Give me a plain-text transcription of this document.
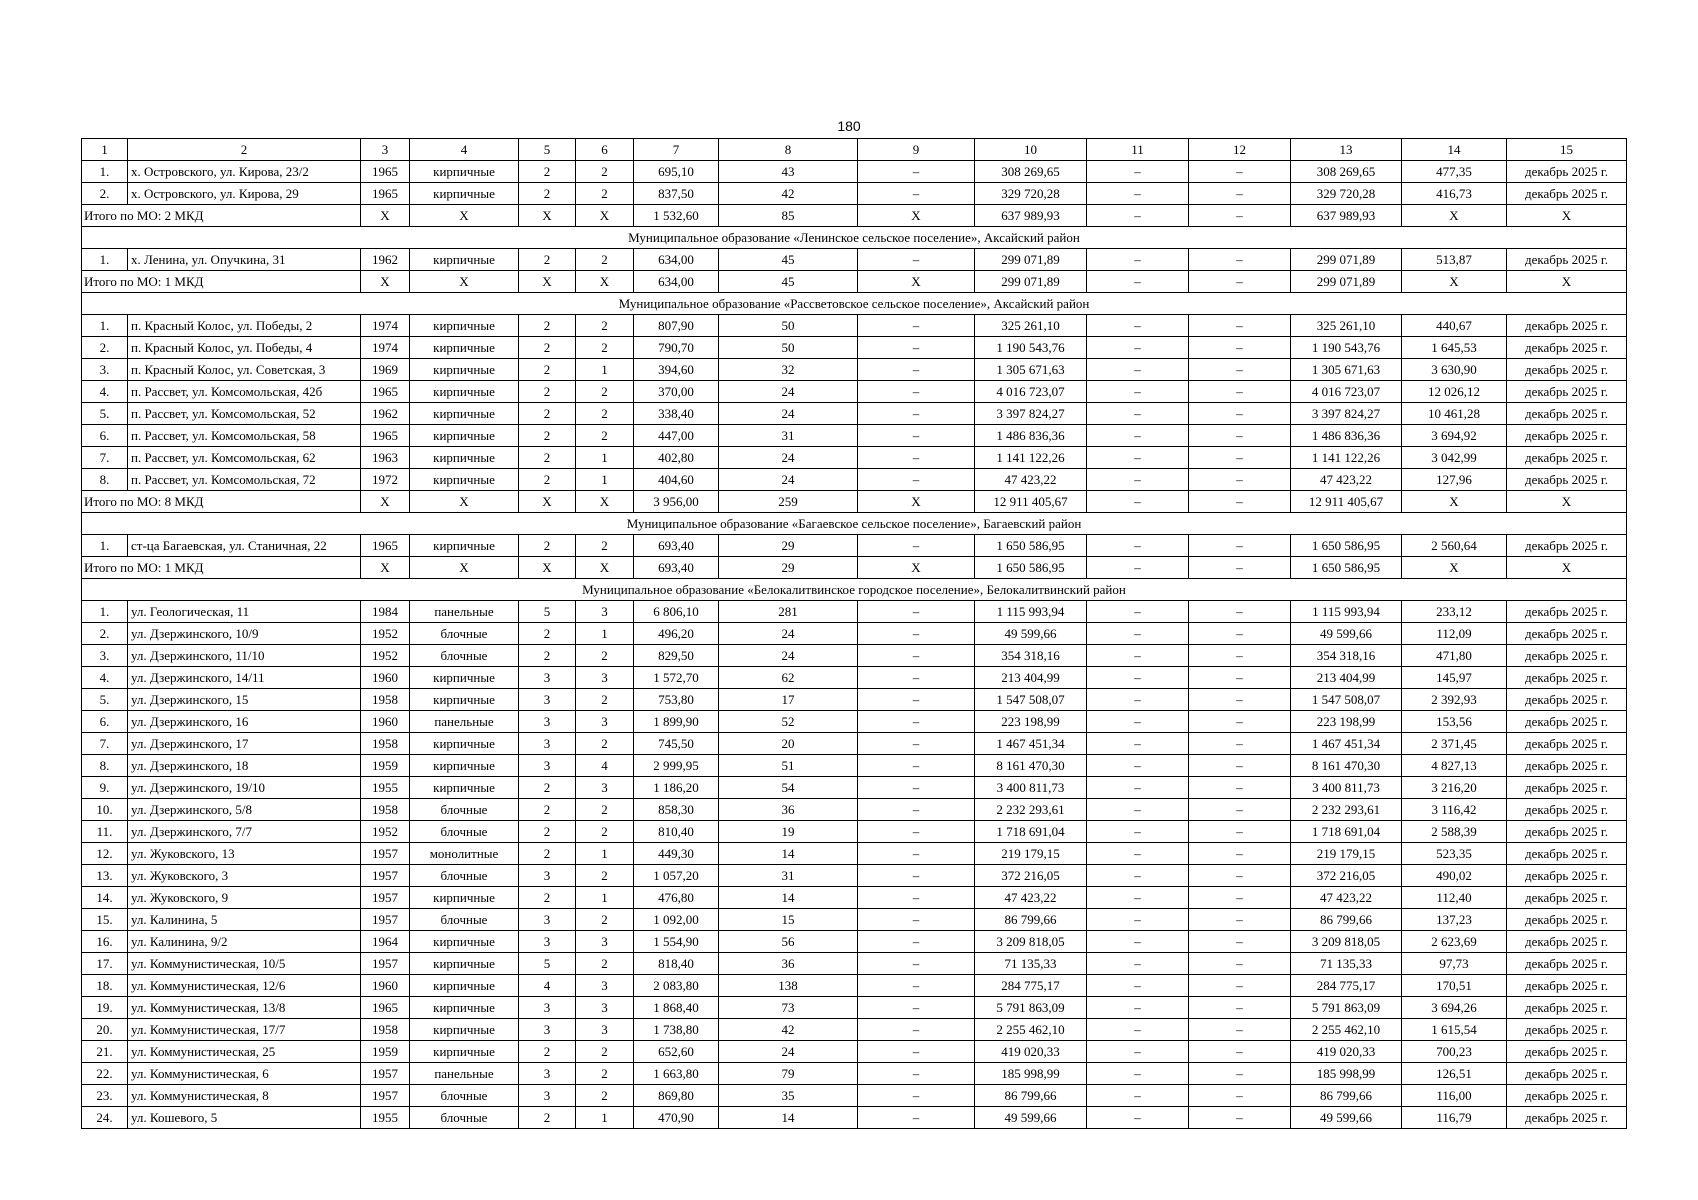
180
1	2	3	4	5	6	7	8	9	10	11	12	13	14	15
1.	х. Островского, ул. Кирова, 23/2	1965	кирпичные	2	2	695,10	43	–	308 269,65	–	–	308 269,65	477,35	декабрь 2025 г.
2.	х. Островского, ул. Кирова, 29	1965	кирпичные	2	2	837,50	42	–	329 720,28	–	–	329 720,28	416,73	декабрь 2025 г.
Итого по МО: 2 МКД		X	X	X	X	1 532,60	85	X	637 989,93	–	–	637 989,93	X	X
Муниципальное образование «Ленинское сельское поселение», Аксайский район														
1.	х. Ленина, ул. Опучкина, 31	1962	кирпичные	2	2	634,00	45	–	299 071,89	–	–	299 071,89	513,87	декабрь 2025 г.
Итого по МО: 1 МКД		X	X	X	X	634,00	45	X	299 071,89	–	–	299 071,89	X	X
Муниципальное образование «Рассветовское сельское поселение», Аксайский район														
1.	п. Красный Колос, ул. Победы, 2	1974	кирпичные	2	2	807,90	50	–	325 261,10	–	–	325 261,10	440,67	декабрь 2025 г.
2.	п. Красный Колос, ул. Победы, 4	1974	кирпичные	2	2	790,70	50	–	1 190 543,76	–	–	1 190 543,76	1 645,53	декабрь 2025 г.
3.	п. Красный Колос, ул. Советская, 3	1969	кирпичные	2	1	394,60	32	–	1 305 671,63	–	–	1 305 671,63	3 630,90	декабрь 2025 г.
4.	п. Рассвет, ул. Комсомольская, 42б	1965	кирпичные	2	2	370,00	24	–	4 016 723,07	–	–	4 016 723,07	12 026,12	декабрь 2025 г.
5.	п. Рассвет, ул. Комсомольская, 52	1962	кирпичные	2	2	338,40	24	–	3 397 824,27	–	–	3 397 824,27	10 461,28	декабрь 2025 г.
6.	п. Рассвет, ул. Комсомольская, 58	1965	кирпичные	2	2	447,00	31	–	1 486 836,36	–	–	1 486 836,36	3 694,92	декабрь 2025 г.
7.	п. Рассвет, ул. Комсомольская, 62	1963	кирпичные	2	1	402,80	24	–	1 141 122,26	–	–	1 141 122,26	3 042,99	декабрь 2025 г.
8.	п. Рассвет, ул. Комсомольская, 72	1972	кирпичные	2	1	404,60	24	–	47 423,22	–	–	47 423,22	127,96	декабрь 2025 г.
Итого по МО: 8 МКД		X	X	X	X	3 956,00	259	X	12 911 405,67	–	–	12 911 405,67	X	X
Муниципальное образование «Багаевское сельское поселение», Багаевский район														
1.	ст-ца Багаевская, ул. Станичная, 22	1965	кирпичные	2	2	693,40	29	–	1 650 586,95	–	–	1 650 586,95	2 560,64	декабрь 2025 г.
Итого по МО: 1 МКД		X	X	X	X	693,40	29	X	1 650 586,95	–	–	1 650 586,95	X	X
Муниципальное образование «Белокалитвинское городское поселение», Белокалитвинский район														
1.	ул. Геологическая, 11	1984	панельные	5	3	6 806,10	281	–	1 115 993,94	–	–	1 115 993,94	233,12	декабрь 2025 г.
2.	ул. Дзержинского, 10/9	1952	блочные	2	1	496,20	24	–	49 599,66	–	–	49 599,66	112,09	декабрь 2025 г.
3.	ул. Дзержинского, 11/10	1952	блочные	2	2	829,50	24	–	354 318,16	–	–	354 318,16	471,80	декабрь 2025 г.
4.	ул. Дзержинского, 14/11	1960	кирпичные	3	3	1 572,70	62	–	213 404,99	–	–	213 404,99	145,97	декабрь 2025 г.
5.	ул. Дзержинского, 15	1958	кирпичные	3	2	753,80	17	–	1 547 508,07	–	–	1 547 508,07	2 392,93	декабрь 2025 г.
6.	ул. Дзержинского, 16	1960	панельные	3	3	1 899,90	52	–	223 198,99	–	–	223 198,99	153,56	декабрь 2025 г.
7.	ул. Дзержинского, 17	1958	кирпичные	3	2	745,50	20	–	1 467 451,34	–	–	1 467 451,34	2 371,45	декабрь 2025 г.
8.	ул. Дзержинского, 18	1959	кирпичные	3	4	2 999,95	51	–	8 161 470,30	–	–	8 161 470,30	4 827,13	декабрь 2025 г.
9.	ул. Дзержинского, 19/10	1955	кирпичные	2	3	1 186,20	54	–	3 400 811,73	–	–	3 400 811,73	3 216,20	декабрь 2025 г.
10.	ул. Дзержинского, 5/8	1958	блочные	2	2	858,30	36	–	2 232 293,61	–	–	2 232 293,61	3 116,42	декабрь 2025 г.
11.	ул. Дзержинского, 7/7	1952	блочные	2	2	810,40	19	–	1 718 691,04	–	–	1 718 691,04	2 588,39	декабрь 2025 г.
12.	ул. Жуковского, 13	1957	монолитные	2	1	449,30	14	–	219 179,15	–	–	219 179,15	523,35	декабрь 2025 г.
13.	ул. Жуковского, 3	1957	блочные	3	2	1 057,20	31	–	372 216,05	–	–	372 216,05	490,02	декабрь 2025 г.
14.	ул. Жуковского, 9	1957	кирпичные	2	1	476,80	14	–	47 423,22	–	–	47 423,22	112,40	декабрь 2025 г.
15.	ул. Калинина, 5	1957	блочные	3	2	1 092,00	15	–	86 799,66	–	–	86 799,66	137,23	декабрь 2025 г.
16.	ул. Калинина, 9/2	1964	кирпичные	3	3	1 554,90	56	–	3 209 818,05	–	–	3 209 818,05	2 623,69	декабрь 2025 г.
17.	ул. Коммунистическая, 10/5	1957	кирпичные	5	2	818,40	36	–	71 135,33	–	–	71 135,33	97,73	декабрь 2025 г.
18.	ул. Коммунистическая, 12/6	1960	кирпичные	4	3	2 083,80	138	–	284 775,17	–	–	284 775,17	170,51	декабрь 2025 г.
19.	ул. Коммунистическая, 13/8	1965	кирпичные	3	3	1 868,40	73	–	5 791 863,09	–	–	5 791 863,09	3 694,26	декабрь 2025 г.
20.	ул. Коммунистическая, 17/7	1958	кирпичные	3	3	1 738,80	42	–	2 255 462,10	–	–	2 255 462,10	1 615,54	декабрь 2025 г.
21.	ул. Коммунистическая, 25	1959	кирпичные	2	2	652,60	24	–	419 020,33	–	–	419 020,33	700,23	декабрь 2025 г.
22.	ул. Коммунистическая, 6	1957	панельные	3	2	1 663,80	79	–	185 998,99	–	–	185 998,99	126,51	декабрь 2025 г.
23.	ул. Коммунистическая, 8	1957	блочные	3	2	869,80	35	–	86 799,66	–	–	86 799,66	116,00	декабрь 2025 г.
24.	ул. Кошевого, 5	1955	блочные	2	1	470,90	14	–	49 599,66	–	–	49 599,66	116,79	декабрь 2025 г.
